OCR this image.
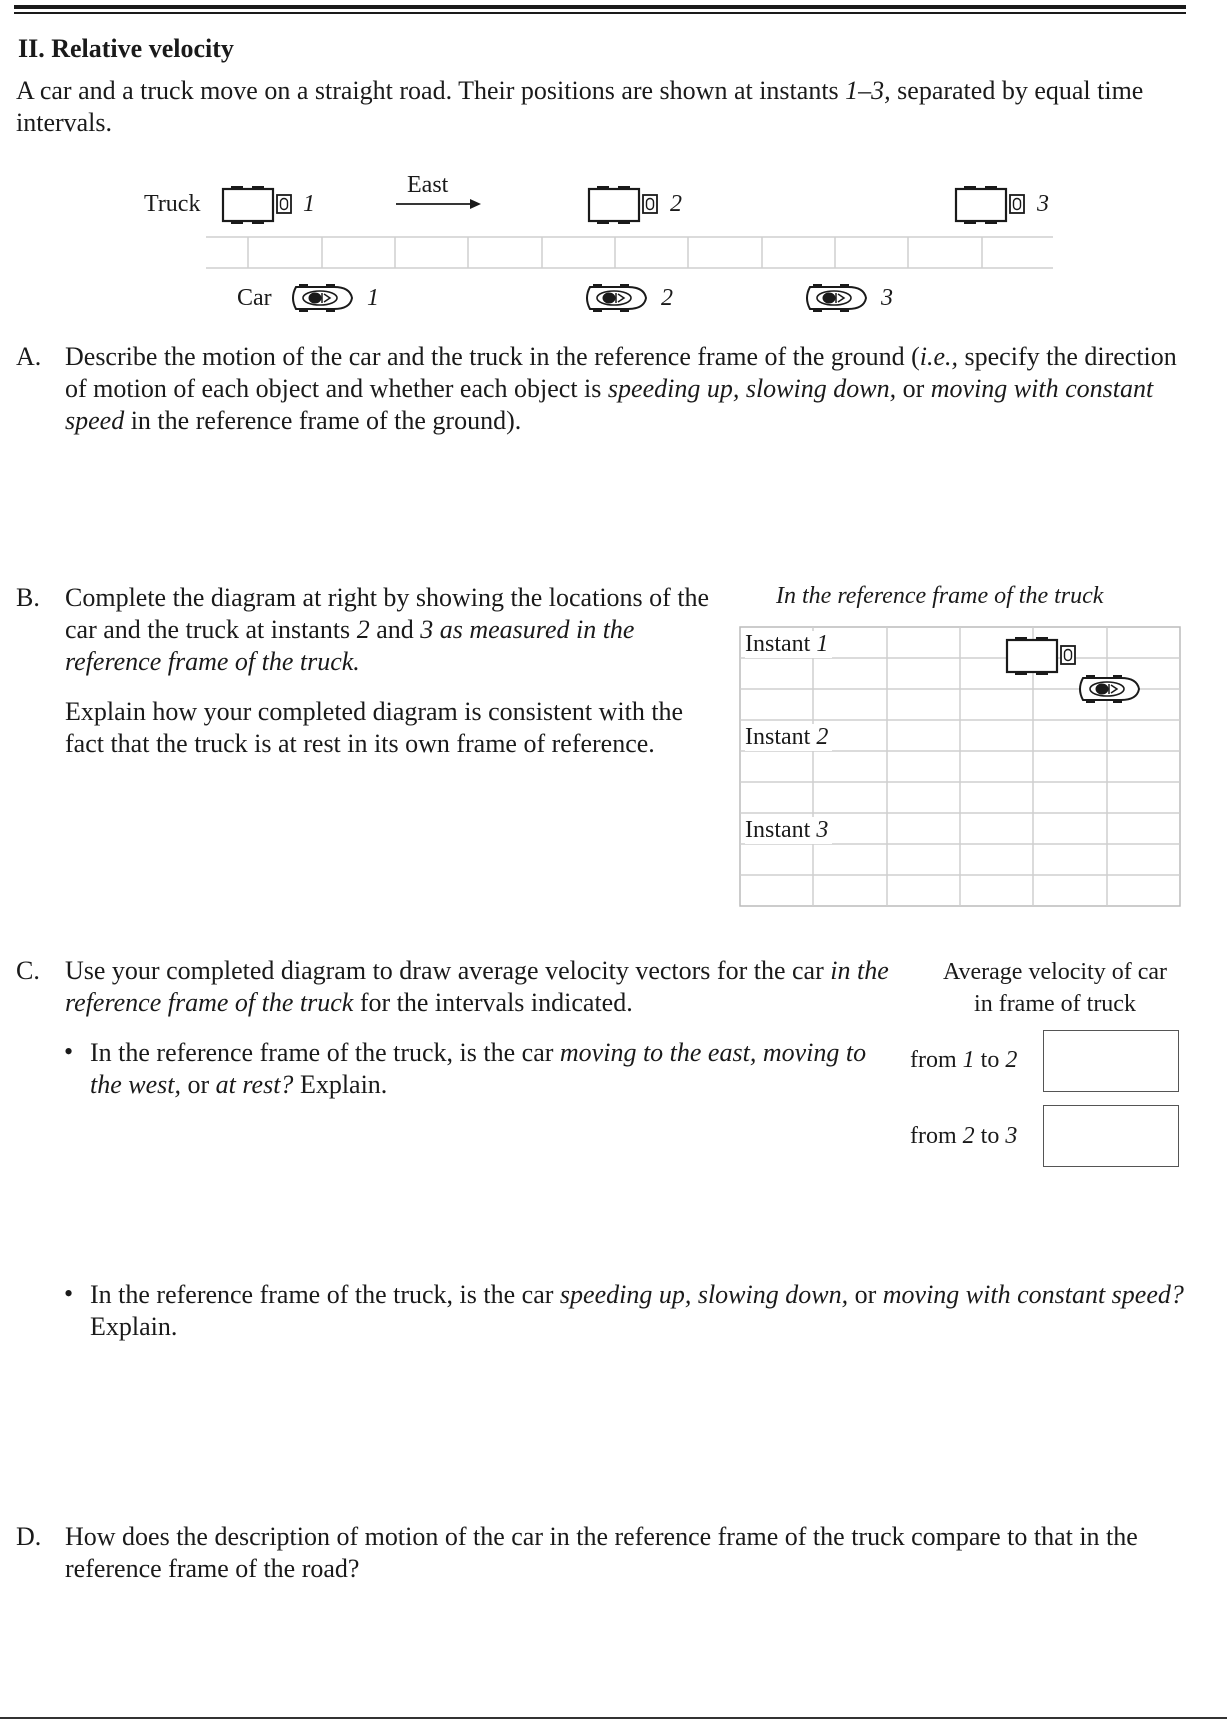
II. Relative velocity
A car and a truck move on a straight road. Their positions are shown at instants 1–3, separated by equal time intervals.
Truck
Car
East
1	2	3
1	2	3
A. Describe the motion of the car and the truck in the reference frame of the ground (i.e., specify the direction of motion of each object and whether each object is speeding up, slowing down, or moving with constant speed in the reference frame of the ground).
B. Complete the diagram at right by showing the locations of the car and the truck at instants 2 and 3 as measured in the reference frame of the truck.
Explain how your completed diagram is consistent with the fact that the truck is at rest in its own frame of reference.
In the reference frame of the truck
Instant 1
Instant 2
Instant 3
C. Use your completed diagram to draw average velocity vectors for the car in the reference frame of the truck for the intervals indicated.
• In the reference frame of the truck, is the car moving to the east, moving to the west, or at rest? Explain.
Average velocity of car
in frame of truck
from 1 to 2
from 2 to 3
• In the reference frame of the truck, is the car speeding up, slowing down, or moving with constant speed? Explain.
D. How does the description of motion of the car in the reference frame of the truck compare to that in the reference frame of the road?
